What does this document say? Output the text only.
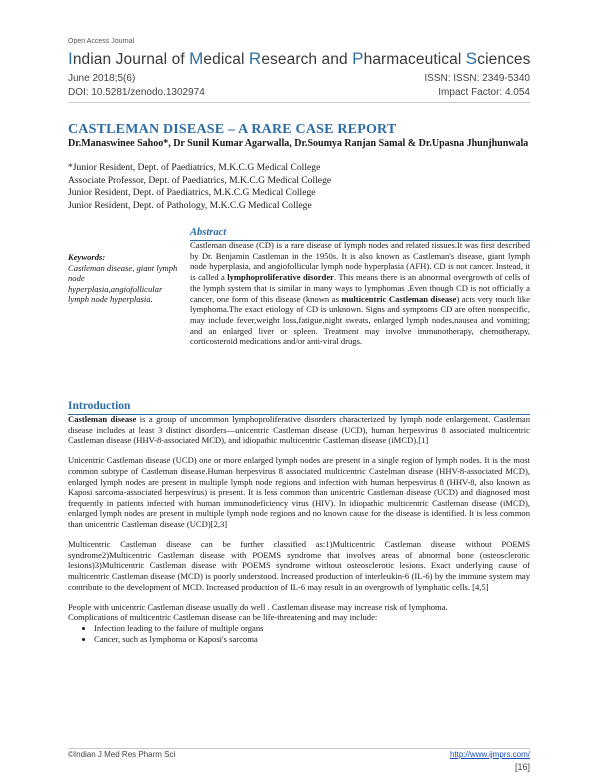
Open Access Journal
Indian Journal of Medical Research and Pharmaceutical Sciences
June 2018;5(6)	ISSN: ISSN: 2349-5340
DOI: 10.5281/zenodo.1302974	Impact Factor: 4.054
CASTLEMAN DISEASE – A RARE CASE REPORT
Dr.Manaswinee Sahoo*, Dr Sunil Kumar Agarwalla, Dr.Soumya Ranjan Samal & Dr.Upasna Jhunjhunwala
*Junior Resident, Dept. of Paediatrics, M.K.C.G Medical College
Associate Professor, Dept. of Paediatrics, M.K.C.G Medical College
Junior Resident, Dept. of Paediatrics, M.K.C.G Medical College
Junior Resident, Dept. of Pathology, M.K.C.G Medical College
Abstract
Keywords:
Castleman disease, giant lymph node hyperplasia,angiofollicular lymph node hyperplasia.
Castleman disease (CD) is a rare disease of lymph nodes and related tissues.It was first described by Dr. Benjamin Castleman in the 1950s. It is also known as Castleman's disease, giant lymph node hyperplasia, and angiofollicular lymph node hyperplasia (AFH). CD is not cancer. Instead, it is called a lymphoproliferative disorder. This means there is an abnormal overgrowth of cells of the lymph system that is similar in many ways to lymphomas .Even though CD is not officially a cancer, one form of this disease (known as multicentric Castleman disease) acts very much like lymphoma.The exact etiology of CD is unknown. Signs and symptoms CD are often nonspecific, may include fever,weight loss,fatigue,night sweats, enlarged lymph nodes,nausea and vomiting; and an enlarged liver or spleen. Treatment may involve immunotherapy, chemotherapy, corticosteroid medications and/or anti-viral drugs.
Introduction

Castleman disease is a group of uncommon lymphoproliferative disorders characterized by lymph node enlargement. Castleman disease includes at least 3 distinct disorders—unicentric Castleman disease (UCD), human herpesvirus 8 associated multicentric Castleman disease (HHV-8-associated MCD), and idiopathic multicentric Castleman disease (iMCD).[1]

Unicentric Castleman disease (UCD) one or more enlarged lymph nodes are present in a single region of lymph nodes. It is the most common subtype of Castleman disease.Human herpesvirus 8 associated multicentric Castelman disease (HHV-8-associated MCD), enlarged lymph nodes are present in multiple lymph node regions and infection with human herpesvirus 8 (HHV-8, also known as Kaposi sarcoma-associated herpesvirus) is present. It is less common than unicentric Castleman disease (UCD) and diagnosed most frequently in patients infected with human immunodeficiency virus (HIV). In idiopathic multicentric Castleman disease (iMCD), enlarged lymph nodes are present in multiple lymph node regions and no known cause for the disease is identified. It is less common than unicentric Castleman disease (UCD)[2,3]

Multicentric Castleman disease can be further classified as:1)Multicentric Castleman disease without POEMS syndrome2)Multicentric Castleman disease with POEMS syndrome that involves areas of abnormal bone (osteosclerotic lesions)3)Multicentric Castleman disease with POEMS syndrome without osteosclerotic lesions. Exact underlying cause of multicentric Castleman disease (MCD) is poorly understood. Increased production of interleukin-6 (IL-6) by the immune system may contribute to the development of MCD. Increased production of IL-6 may result in an overgrowth of lymphatic cells. [4,5]

People with unicentric Castleman disease usually do well . Castleman disease may increase risk of lymphoma.

Complications of multicentric Castleman disease can be life-threatening and may include:

• Infection leading to the failure of multiple organs
• Cancer, such as lymphoma or Kaposi's sarcoma
©Indian J Med Res Pharm Sci	http://www.ijmprs.com/
[16]
